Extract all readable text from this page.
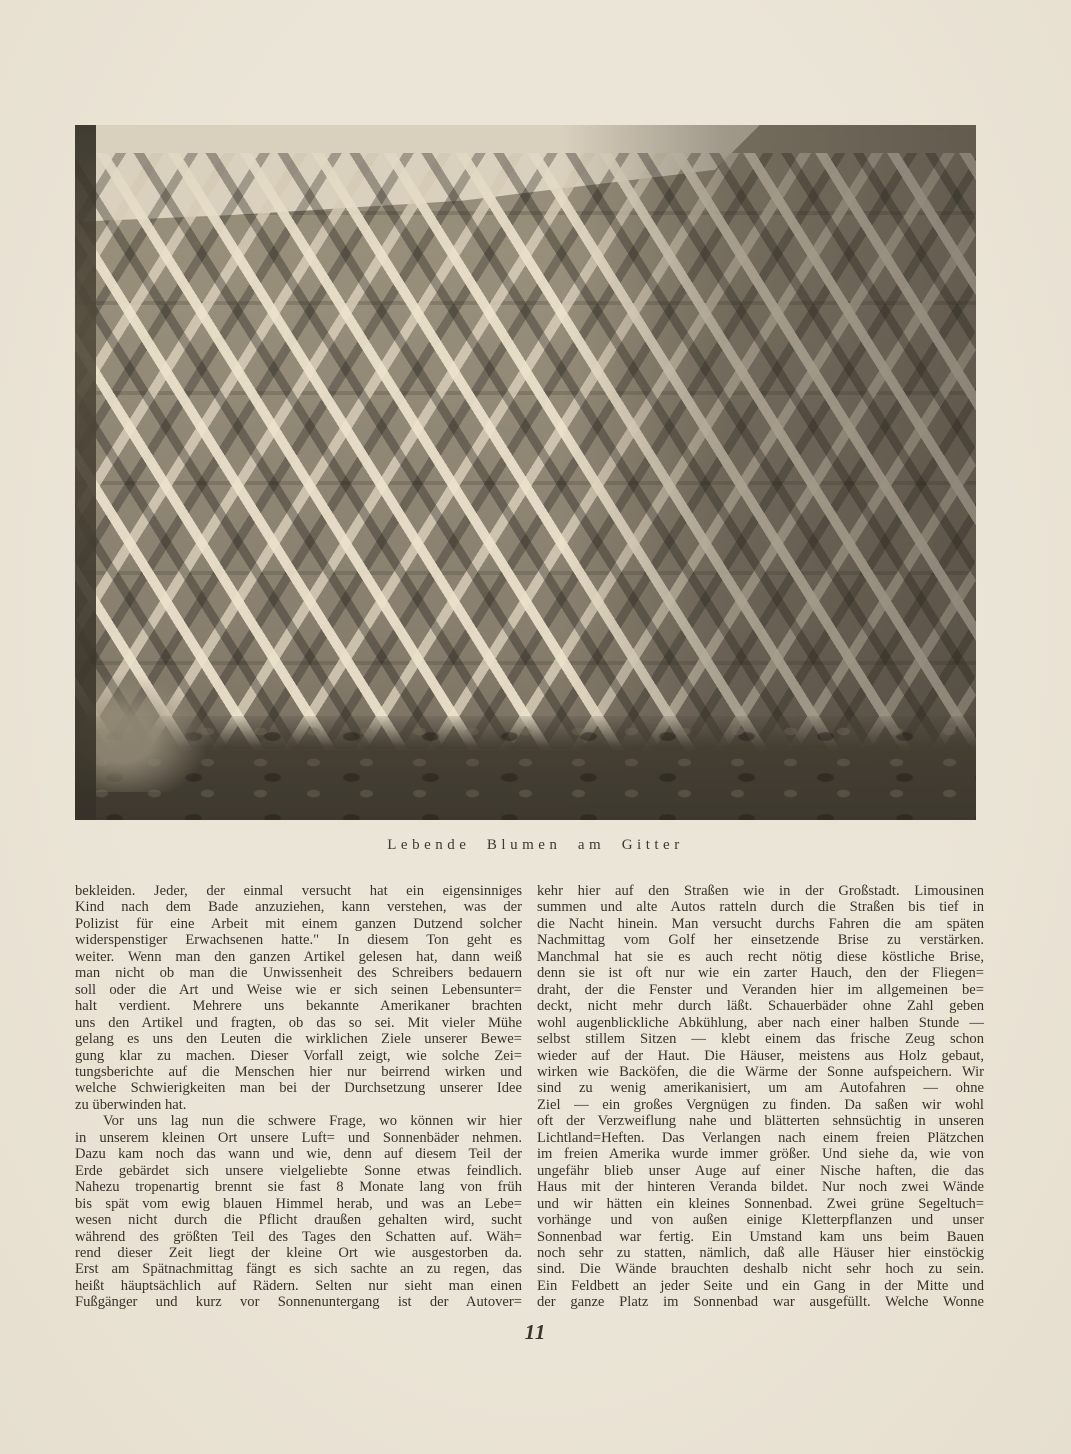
Lebende Blumen am Gitter
bekleiden. Jeder, der einmal versucht hat ein eigensinniges
Kind nach dem Bade anzuziehen, kann verstehen, was der
Polizist für eine Arbeit mit einem ganzen Dutzend solcher
widerspenstiger Erwachsenen hatte." In diesem Ton geht es
weiter. Wenn man den ganzen Artikel gelesen hat, dann weiß
man nicht ob man die Unwissenheit des Schreibers bedauern
soll oder die Art und Weise wie er sich seinen Lebensunter=
halt verdient. Mehrere uns bekannte Amerikaner brachten
uns den Artikel und fragten, ob das so sei. Mit vieler Mühe
gelang es uns den Leuten die wirklichen Ziele unserer Bewe=
gung klar zu machen. Dieser Vorfall zeigt, wie solche Zei=
tungsberichte auf die Menschen hier nur beirrend wirken und
welche Schwierigkeiten man bei der Durchsetzung unserer Idee
zu überwinden hat.
Vor uns lag nun die schwere Frage, wo können wir hier
in unserem kleinen Ort unsere Luft= und Sonnenbäder nehmen.
Dazu kam noch das wann und wie, denn auf diesem Teil der
Erde gebärdet sich unsere vielgeliebte Sonne etwas feindlich.
Nahezu tropenartig brennt sie fast 8 Monate lang von früh
bis spät vom ewig blauen Himmel herab, und was an Lebe=
wesen nicht durch die Pflicht draußen gehalten wird, sucht
während des größten Teil des Tages den Schatten auf. Wäh=
rend dieser Zeit liegt der kleine Ort wie ausgestorben da.
Erst am Spätnachmittag fängt es sich sachte an zu regen, das
heißt häuptsächlich auf Rädern. Selten nur sieht man einen
Fußgänger und kurz vor Sonnenuntergang ist der Autover=
kehr hier auf den Straßen wie in der Großstadt. Limousinen
summen und alte Autos ratteln durch die Straßen bis tief in
die Nacht hinein. Man versucht durchs Fahren die am späten
Nachmittag vom Golf her einsetzende Brise zu verstärken.
Manchmal hat sie es auch recht nötig diese köstliche Brise,
denn sie ist oft nur wie ein zarter Hauch, den der Fliegen=
draht, der die Fenster und Veranden hier im allgemeinen be=
deckt, nicht mehr durch läßt. Schauerbäder ohne Zahl geben
wohl augenblickliche Abkühlung, aber nach einer halben Stunde —
selbst stillem Sitzen — klebt einem das frische Zeug schon
wieder auf der Haut. Die Häuser, meistens aus Holz gebaut,
wirken wie Backöfen, die die Wärme der Sonne aufspeichern. Wir
sind zu wenig amerikanisiert, um am Autofahren — ohne
Ziel — ein großes Vergnügen zu finden. Da saßen wir wohl
oft der Verzweiflung nahe und blätterten sehnsüchtig in unseren
Lichtland=Heften. Das Verlangen nach einem freien Plätzchen
im freien Amerika wurde immer größer. Und siehe da, wie von
ungefähr blieb unser Auge auf einer Nische haften, die das
Haus mit der hinteren Veranda bildet. Nur noch zwei Wände
und wir hätten ein kleines Sonnenbad. Zwei grüne Segeltuch=
vorhänge und von außen einige Kletterpflanzen und unser
Sonnenbad war fertig. Ein Umstand kam uns beim Bauen
noch sehr zu statten, nämlich, daß alle Häuser hier einstöckig
sind. Die Wände brauchten deshalb nicht sehr hoch zu sein.
Ein Feldbett an jeder Seite und ein Gang in der Mitte und
der ganze Platz im Sonnenbad war ausgefüllt. Welche Wonne
11
